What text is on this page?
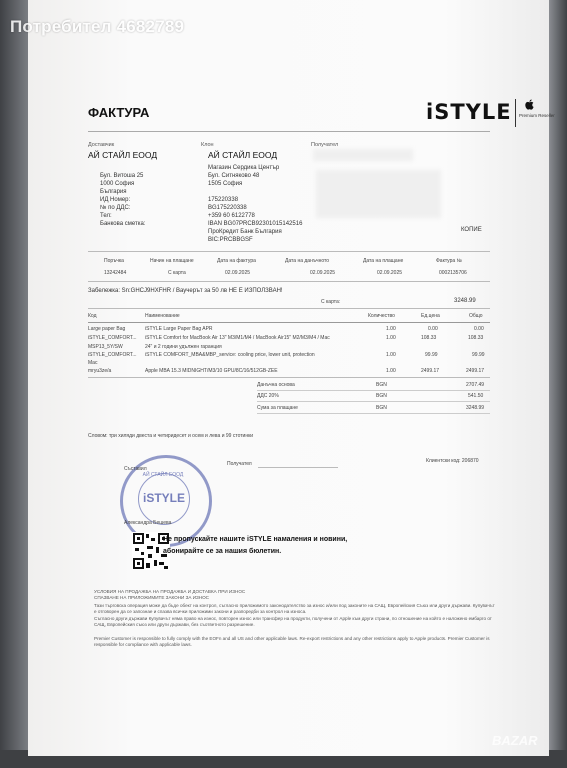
ФАКТУРА	iSTYLE Premium Reseller
Доставчик
АЙ СТАЙЛ ЕООД
Бул. Витоша 25
1000 София
България
ИД Номер:
№ по ДДС:
Тел:
Банкова сметка:
Клон
АЙ СТАЙЛ ЕООД
Магазин Сердика Център
Бул. Ситняково 48
1505 София
175220338
BG175220338
+359 60 6122778
IBAN BG07PRCB92301015142516
ПроКредит Банк България
BIC:PRCBBGSF
Получател
КОПИЕ
Поръчка	Начин на плащане	Дата на фактура	Дата на данъчното	Дата на плащане	Фактура №
13242484	С карта	02.09.2025	02.09.2025	02.09.2025	0002135706
Забележка: Sn:GHCJ9HXFHR / Ваучерът за 50 лв НЕ Е ИЗПОЛЗВАН!
С карта:	3248.99
Код	Наименование	Количество	Ед.цена	Общо
Large paper Bag	iSTYLE Large Paper Bag APR	1.00	0.00	0.00
iSTYLE_COMFORT... iSTYLE Comfort for MacBook Air 13" M3/M1/M4 / MacBook Air15" M2/M3/M4 / Mac	1.00	108.33	108.33
MSP13_5Y/SW	24" и 2 години удължен гаранция
iSTYLE_COMFORT... iSTYLE COMFORT_MBA&MBP_service: cooling price, lower unit, protection	1.00	99.99	99.99
Mac
mryu3ze/a	Apple MBA 15.3 MIDNIGHT/M3/10 GPU/8C/16/512GB-ZEE	1.00	2499.17	2499.17
Данъчна основа	BGN	2707.49
ДДС 20%	BGN	541.50
Сума за плащане	BGN	3248.99
Словом: три хиляди двеста и четиридесет и осем и лева и 99 стотинки
Получател	Клиентски код: 206870
АЙ СТАЙЛ ЕООД
iSTYLE
Съставил
Александра Бешева
Не пропускайте нашите iSTYLE намаления и новини,
абонирайте се за нашия бюлетин.
УСЛОВИЯ НА ПРОДАЖБА НА ПРОДАЖБА И ДОСТАВКА ПРИ ИЗНОС
СПАЗВАНЕ НА ПРИЛОЖИМИТЕ ЗАКОНИ ЗА ИЗНОС
Тази търговска операция може да бъде обект на контрол, съгласно приложимото законодателство за износ и/или под законите на САЩ, Европейския Съюз или други държави. Купувачът е отговорен да се запознае и спазва всички приложими закони и разпоредби за контрол на износа.
Съгласно други държави Купувачът няма право на износ, повторен износ или трансфер на продукти, получени от Apple към други страни, по отношение на който е наложено ембарго от САЩ, Европейския съюз или други държави, без съответното разрешение.
Premier Customer is responsible to fully comply with the EOFn and all US and other applicable laws. Re-export restrictions and any other restrictions apply to Apple products. Premier Customer is responsible for compliance with applicable laws.
Потребител 4682789
BAZAR
